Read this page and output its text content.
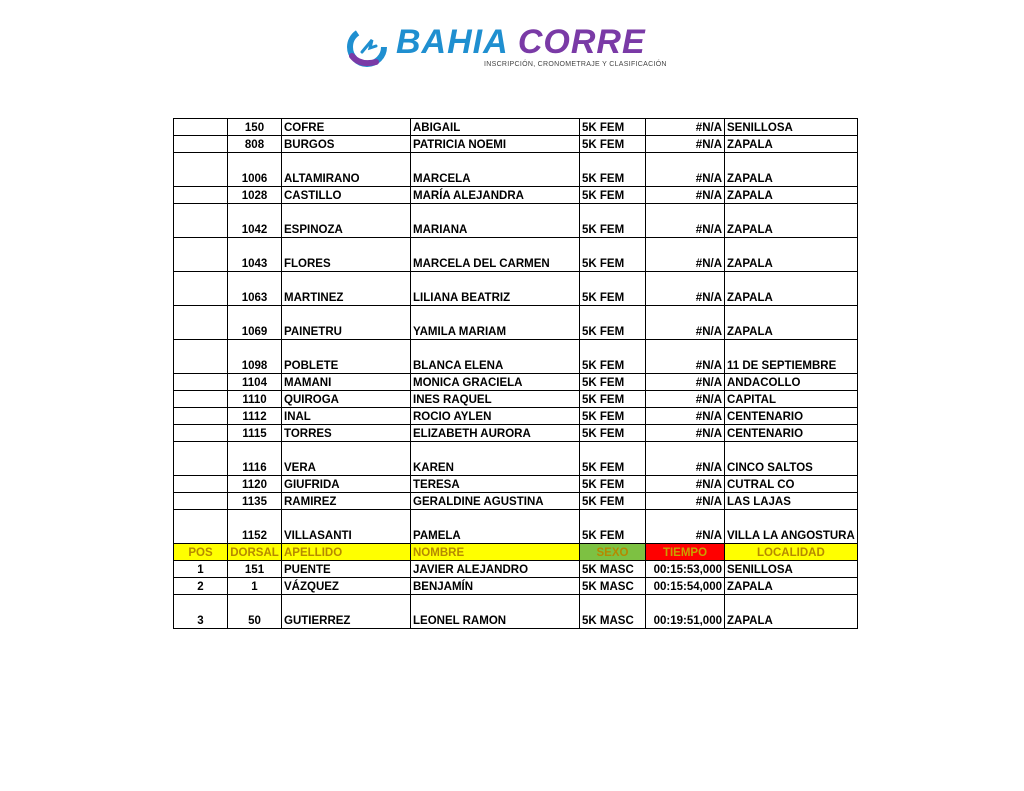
BAHIA CORRE
INSCRIPCIÓN, CRONOMETRAJE Y CLASIFICACIÓN
	150	COFRE	ABIGAIL	5K FEM	#N/A	SENILLOSA
	808	BURGOS	PATRICIA NOEMI	5K FEM	#N/A	ZAPALA
	1006	ALTAMIRANO	MARCELA	5K FEM	#N/A	ZAPALA
	1028	CASTILLO	MARÍA ALEJANDRA	5K FEM	#N/A	ZAPALA
	1042	ESPINOZA	MARIANA	5K FEM	#N/A	ZAPALA
	1043	FLORES	MARCELA DEL CARMEN	5K FEM	#N/A	ZAPALA
	1063	MARTINEZ	LILIANA BEATRIZ	5K FEM	#N/A	ZAPALA
	1069	PAINETRU	YAMILA MARIAM	5K FEM	#N/A	ZAPALA
	1098	POBLETE	BLANCA ELENA	5K FEM	#N/A	11 DE SEPTIEMBRE
	1104	MAMANI	MONICA GRACIELA	5K FEM	#N/A	ANDACOLLO
	1110	QUIROGA	INES RAQUEL	5K FEM	#N/A	CAPITAL
	1112	INAL	ROCIO AYLEN	5K FEM	#N/A	CENTENARIO
	1115	TORRES	ELIZABETH AURORA	5K FEM	#N/A	CENTENARIO
	1116	VERA	KAREN	5K FEM	#N/A	CINCO SALTOS
	1120	GIUFRIDA	TERESA	5K FEM	#N/A	CUTRAL CO
	1135	RAMIREZ	GERALDINE AGUSTINA	5K FEM	#N/A	LAS LAJAS
	1152	VILLASANTI	PAMELA	5K FEM	#N/A	VILLA LA ANGOSTURA
POS	DORSAL	APELLIDO	NOMBRE	SEXO	TIEMPO	LOCALIDAD
1	151	PUENTE	JAVIER ALEJANDRO	5K MASC	00:15:53,000	SENILLOSA
2	1	VÁZQUEZ	BENJAMÍN	5K MASC	00:15:54,000	ZAPALA
3	50	GUTIERREZ	LEONEL RAMON	5K MASC	00:19:51,000	ZAPALA
